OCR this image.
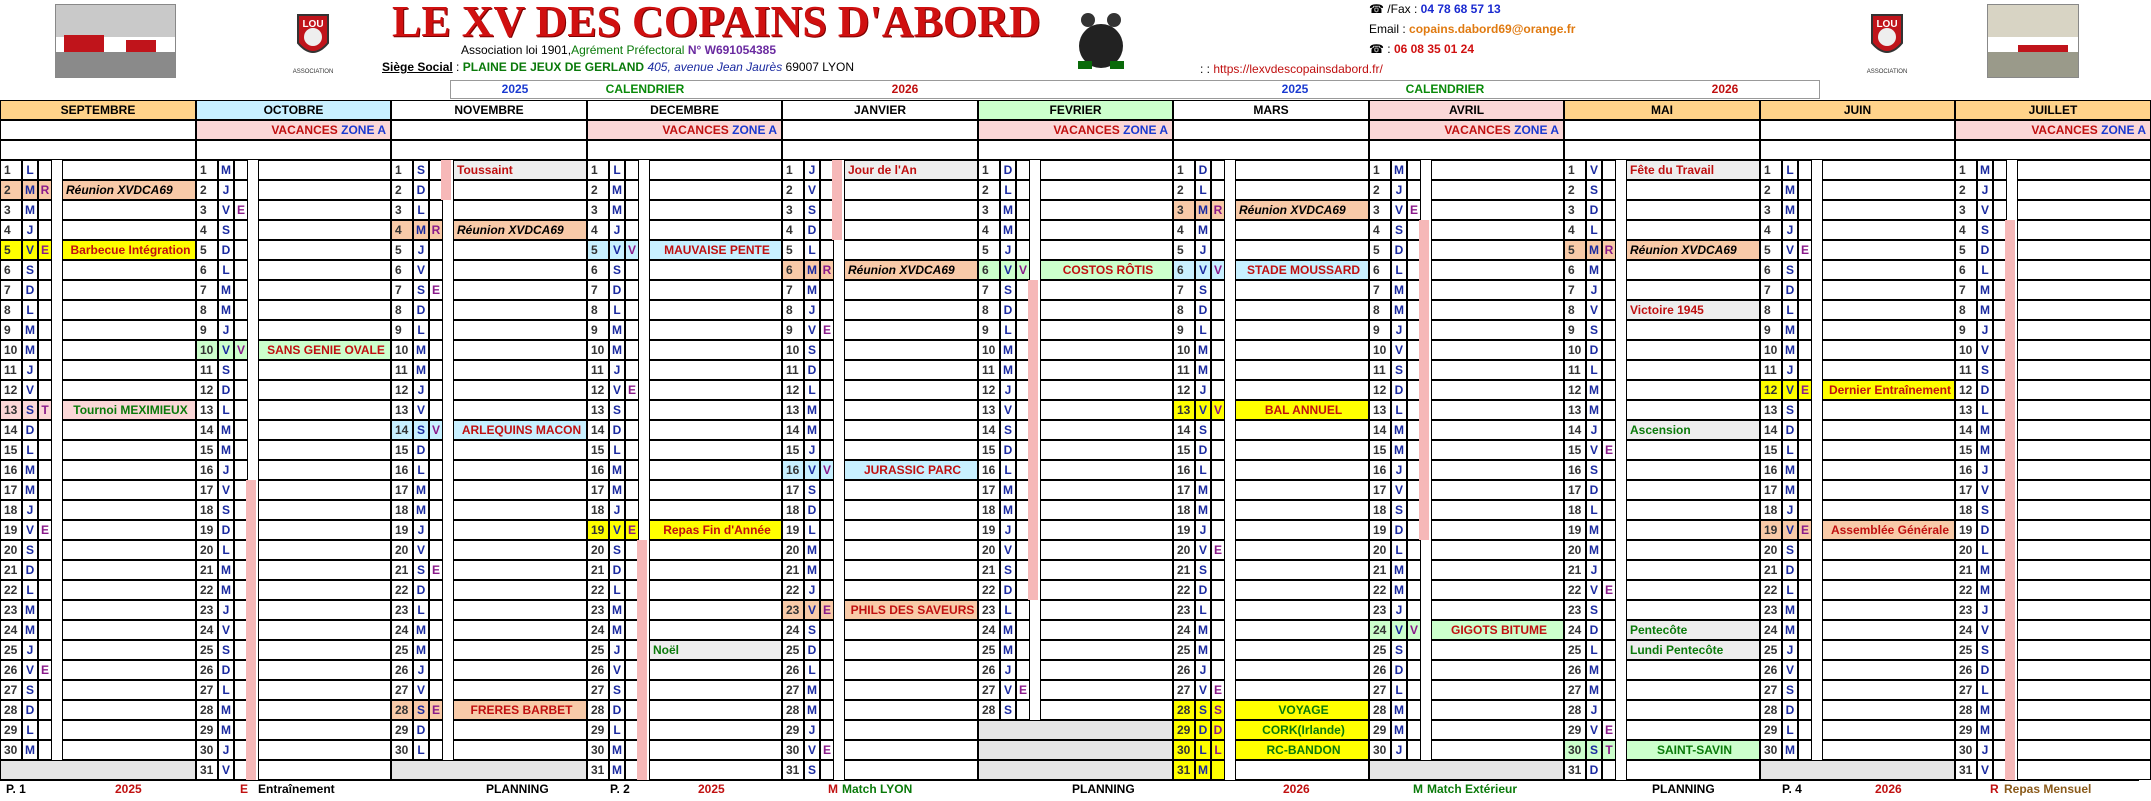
LOU
ASSOCIATION
LE XV DES COPAINS D'ABORD
Association loi 1901,Agrément Préfectoral N° W691054385
Siège Social : PLAINE DE JEUX DE GERLAND 405, avenue Jean Jaurès 69007 LYON
☎ /Fax : 04 78 68 57 13
Email : copains.dabord69@orange.fr
☎ : 06 08 35 01 24
: : https://lexvdescopainsdabord.fr/
LOU
ASSOCIATION
2025	CALENDRIER	2026	2025	CALENDRIER	2026
SEPTEMBRE
1	L
2	M R	Réunion XVDCA69
3	M
4	J
5	V E	Barbecue Intégration
6	S
7	D
8	L
9	M
10 M
11 J
12 V
13 S T	Tournoi MEXIMIEUX
14 D
15 L
16 M
17 M
18 J
19 V E
20 S
21 D
22 L
23 M
24 M
25 J
26 V E
27 S
28 D
29 L
30 M
OCTOBRE
VACANCES ZONE A
1	M
2	J
3	V E
4	S
5	D
6	L
7	M
8	M
9	J
10 V V	SANS GENIE OVALE
11 S
12 D
13 L
14 M
15 M
16 J
17 V
18 S
19 D
20 L
21 M
22 M
23 J
24 V
25 S
26 D
27 L
28 M
29 M
30 J
31 V
NOVEMBRE
1	S	Toussaint
2	D
3	L
4	M R	Réunion XVDCA69
5	J
6	V
7	S E
8	D
9	L
10 M
11 M
12 J
13 V
14 S V	ARLEQUINS MACON
15 D
16 L
17 M
18 M
19 J
20 V
21 S E
22 D
23 L
24 M
25 M
26 J
27 V
28 S E	FRERES BARBET
29 D
30 L
DECEMBRE
VACANCES ZONE A
1	L
2	M
3	M
4	J
5	V V	MAUVAISE PENTE
6	S
7	D
8	L
9	M
10 M
11 J
12 V E
13 S
14 D
15 L
16 M
17 M
18 J
19 V E	Repas Fin d'Année
20 S
21 D
22 L
23 M
24 M
25 J	Noël
26 V
27 S
28 D
29 L
30 M
31 M
JANVIER
1	J	Jour de l'An
2	V
3	S
4	D
5	L
6	M R	Réunion XVDCA69
7	M
8	J
9	V E
10 S
11 D
12 L
13 M
14 M
15 J
16 V V	JURASSIC PARC
17 S
18 D
19 L
20 M
21 M
22 J
23 V E	PHILS DES SAVEURS
24 S
25 D
26 L
27 M
28 M
29 J
30 V E
31 S
FEVRIER
VACANCES ZONE A
1	D
2	L
3	M
4	M
5	J
6	V V	COSTOS RÔTIS
7	S
8	D
9	L
10 M
11 M
12 J
13 V
14 S
15 D
16 L
17 M
18 M
19 J
20 V
21 S
22 D
23 L
24 M
25 M
26 J
27 V E
28 S
MARS
1	D
2	L
3	M R	Réunion XVDCA69
4	M
5	J
6	V V	STADE MOUSSARD
7	S
8	D
9	L
10 M
11 M
12 J
13 V V	BAL ANNUEL
14 S
15 D
16 L
17 M
18 M
19 J
20 V E
21 S
22 D
23 L
24 M
25 M
26 J
27 V E
28 S S	VOYAGE
29 D D	CORK(Irlande)
30 L L	RC-BANDON
31 M
AVRIL
VACANCES ZONE A
1	M
2	J
3	V E
4	S
5	D
6	L
7	M
8	M
9	J
10 V
11 S
12 D
13 L
14 M
15 M
16 J
17 V
18 S
19 D
20 L
21 M
22 M
23 J
24 V V	GIGOTS BITUME
25 S
26 D
27 L
28 M
29 M
30 J
MAI
1	V	Fête du Travail
2	S
3	D
4	L
5	M R	Réunion XVDCA69
6	M
7	J
8	V	Victoire 1945
9	S
10 D
11 L
12 M
13 M
14 J	Ascension
15 V E
16 S
17 D
18 L
19 M
20 M
21 J
22 V E
23 S
24 D	Pentecôte
25 L	Lundi Pentecôte
26 M
27 M
28 J
29 V E
30 S T	SAINT-SAVIN
31 D
JUIN
1	L
2	M
3	M
4	J
5	V E
6	S
7	D
8	L
9	M
10 M
11 J
12 V E	Dernier Entraînement
13 S
14 D
15 L
16 M
17 M
18 J
19 V E	Assemblée Générale
20 S
21 D
22 L
23 M
24 M
25 J
26 V
27 S
28 D
29 L
30 M
JUILLET
VACANCES ZONE A
1	M
2	J
3	V
4	S
5	D
6	L
7	M
8	M
9	J
10 V
11 S
12 D
13 L
14 M
15 M
16 J
17 V
18 S
19 D
20 L
21 M
22 M
23 J
24 V
25 S
26 D
27 L
28 M
29 M
30 J
31 V
P. 1	2025	E Entraînement	PLANNING	P. 2	2025	M Match LYON	PLANNING	2026	M Match Extérieur	PLANNING	P. 4	2026	R Repas Mensuel
